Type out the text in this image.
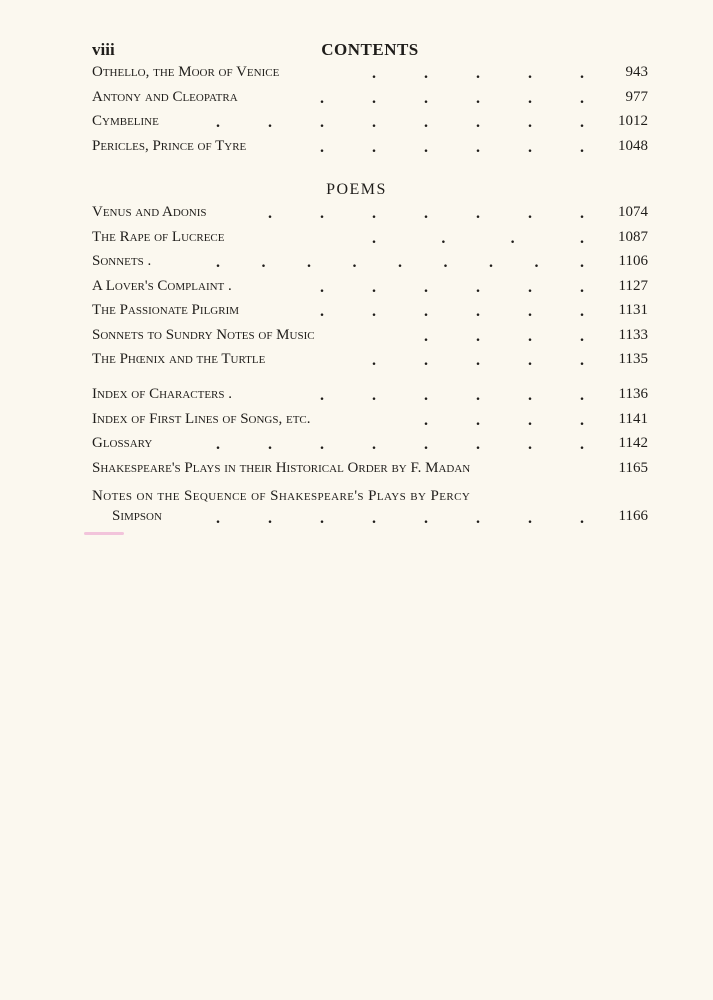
viii	CONTENTS
Othello, the Moor of Venice	.	.	.	.	.	943
Antony and Cleopatra	.	.	.	.	.	.	977
Cymbeline	.	.	.	.	.	.	.	. 1012
Pericles, Prince of Tyre	.	.	.	.	.	. 1048
POEMS
Venus and Adonis	.	.	.	.	.	.	. 1074
The Rape of Lucrece	.	.	.	. 1087
Sonnets .	.	.	.	.	.	.	.	.	. 1106
A Lover's Complaint .	.	.	.	.	.	. 1127
The Passionate Pilgrim	.	.	.	.	.	. 1131
Sonnets to Sundry Notes of Music	.	.	.	. 1133
The Phœnix and the Turtle	.	.	.	.	. 1135
Index of Characters .	.	.	.	.	.	. 1136
Index of First Lines of Songs, etc.	.	.	.	. 1141
Glossary	.	.	.	.	.	.	.	. 1142
Shakespeare's Plays in their Historical Order by F. Madan	1165
Notes on the Sequence of Shakespeare's Plays by Percy
Simpson	.	.	.	.	.	.	.	. 1166
